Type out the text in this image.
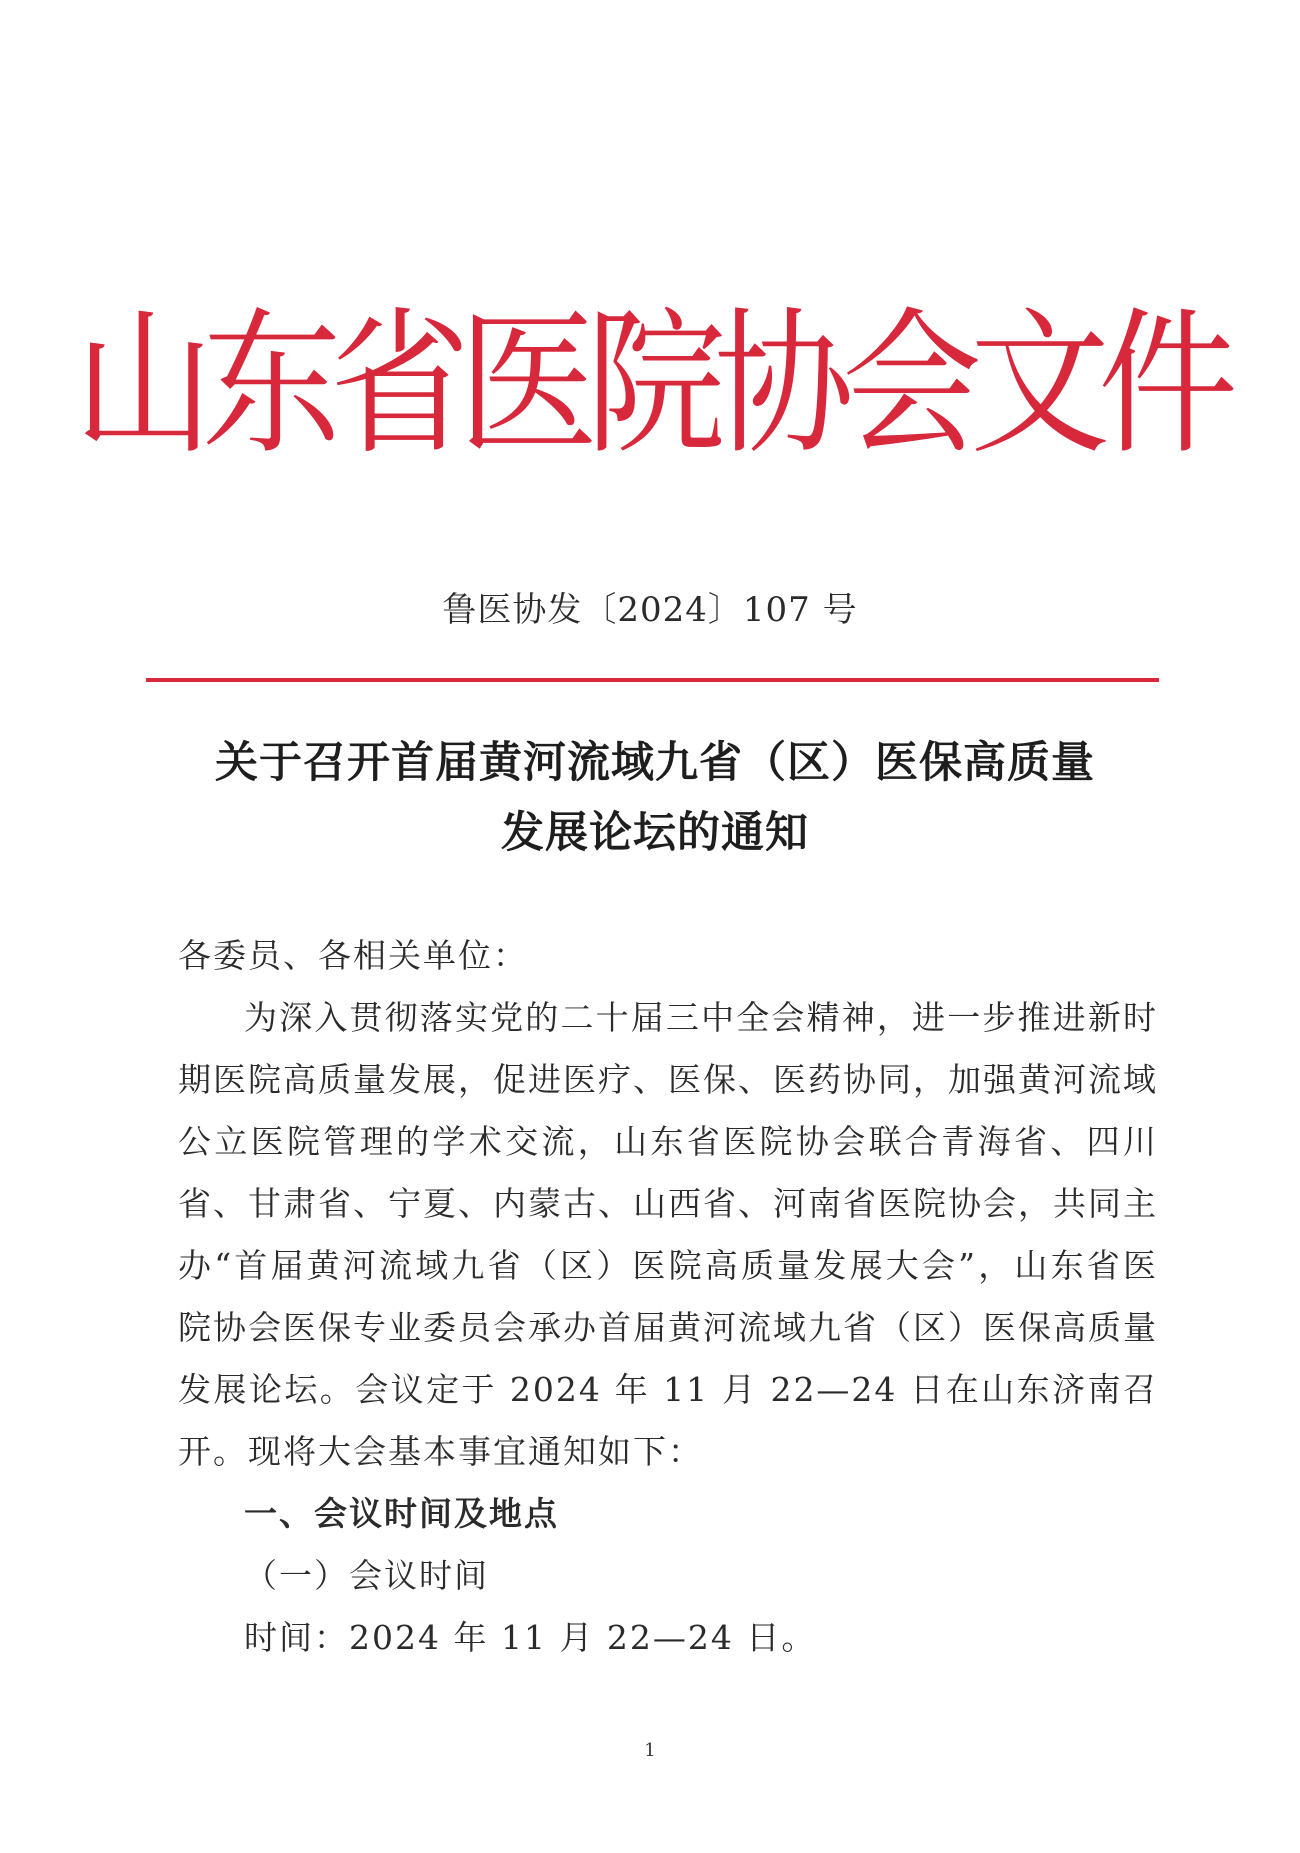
山东省医院协会文件
鲁医协发〔2024〕107 号
关于召开首届黄河流域九省（区）医保高质量
发展论坛的通知

各委员、各相关单位：

为深入贯彻落实党的二十届三中全会精神，进一步推进新时期医院高质量发展，促进医疗、医保、医药协同，加强黄河流域公立医院管理的学术交流，山东省医院协会联合青海省、四川省、甘肃省、宁夏、内蒙古、山西省、河南省医院协会，共同主办“首届黄河流域九省（区）医院高质量发展大会”，山东省医院协会医保专业委员会承办首届黄河流域九省（区）医保高质量发展论坛。会议定于 2024 年 11 月 22—24 日在山东济南召开。现将大会基本事宜通知如下：

一、会议时间及地点

（一）会议时间

时间：2024 年 11 月 22—24 日。

1
